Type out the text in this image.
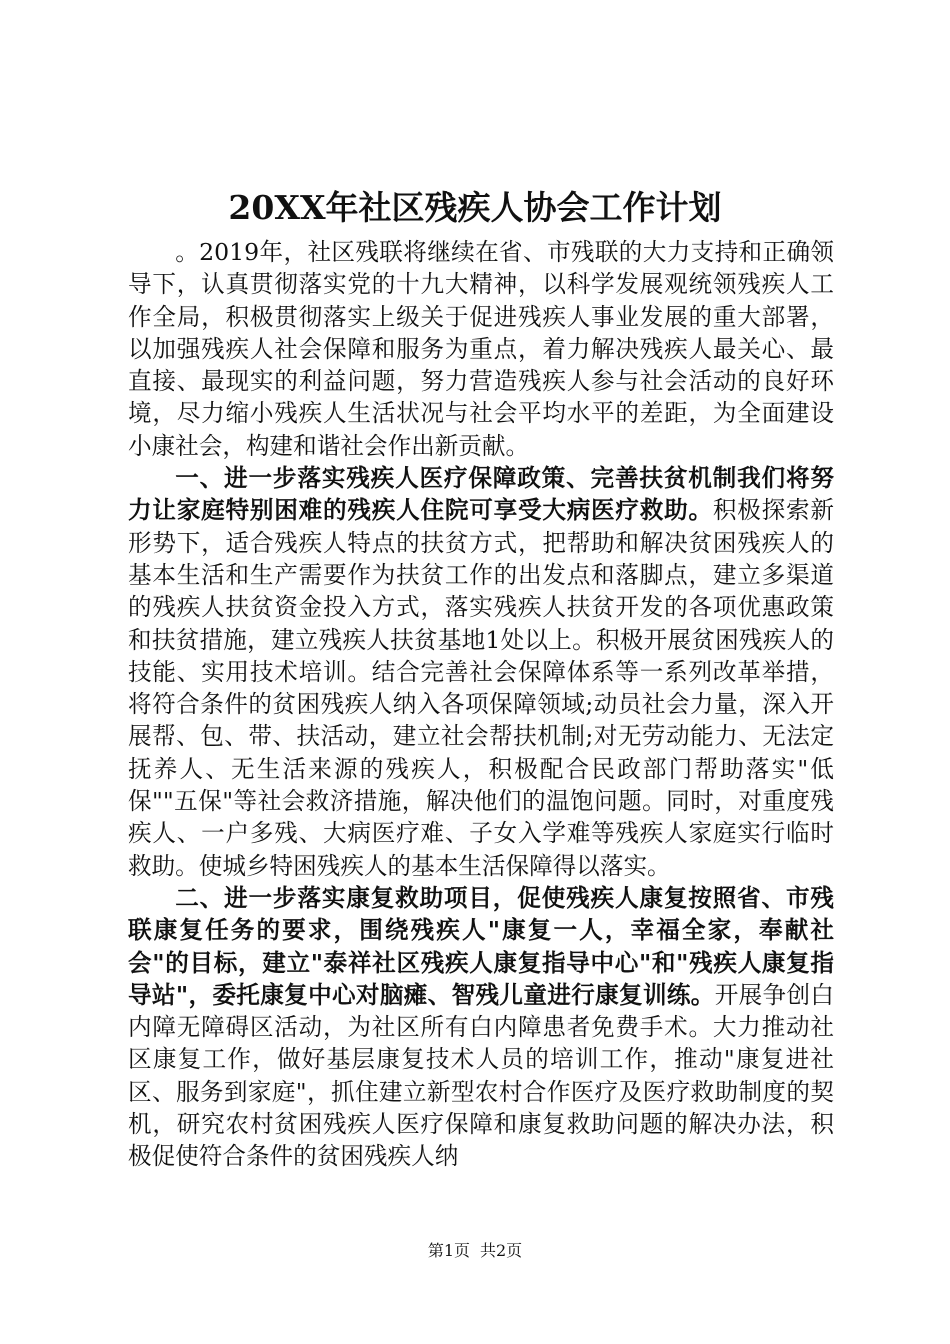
20XX年社区残疾人协会工作计划

。2019年，社区残联将继续在省、市残联的大力支持和正确领导下，认真贯彻落实党的十九大精神，以科学发展观统领残疾人工作全局，积极贯彻落实上级关于促进残疾人事业发展的重大部署，以加强残疾人社会保障和服务为重点，着力解决残疾人最关心、最直接、最现实的利益问题，努力营造残疾人参与社会活动的良好环境，尽力缩小残疾人生活状况与社会平均水平的差距，为全面建设小康社会，构建和谐社会作出新贡献。

一、进一步落实残疾人医疗保障政策、完善扶贫机制我们将努力让家庭特别困难的残疾人住院可享受大病医疗救助。积极探索新形势下，适合残疾人特点的扶贫方式，把帮助和解决贫困残疾人的基本生活和生产需要作为扶贫工作的出发点和落脚点，建立多渠道的残疾人扶贫资金投入方式，落实残疾人扶贫开发的各项优惠政策和扶贫措施，建立残疾人扶贫基地1处以上。积极开展贫困残疾人的技能、实用技术培训。结合完善社会保障体系等一系列改革举措，将符合条件的贫困残疾人纳入各项保障领域;动员社会力量，深入开展帮、包、带、扶活动，建立社会帮扶机制;对无劳动能力、无法定抚养人、无生活来源的残疾人，积极配合民政部门帮助落实"低保""五保"等社会救济措施，解决他们的温饱问题。同时，对重度残疾人、一户多残、大病医疗难、子女入学难等残疾人家庭实行临时救助。使城乡特困残疾人的基本生活保障得以落实。

二、进一步落实康复救助项目，促使残疾人康复按照省、市残联康复任务的要求，围绕残疾人"康复一人，幸福全家，奉献社会"的目标，建立"泰祥社区残疾人康复指导中心"和"残疾人康复指导站"，委托康复中心对脑瘫、智残儿童进行康复训练。开展争创白内障无障碍区活动，为社区所有白内障患者免费手术。大力推动社区康复工作，做好基层康复技术人员的培训工作，推动"康复进社区、服务到家庭"，抓住建立新型农村合作医疗及医疗救助制度的契机，研究农村贫困残疾人医疗保障和康复救助问题的解决办法，积极促使符合条件的贫困残疾人纳

第1页 共2页
